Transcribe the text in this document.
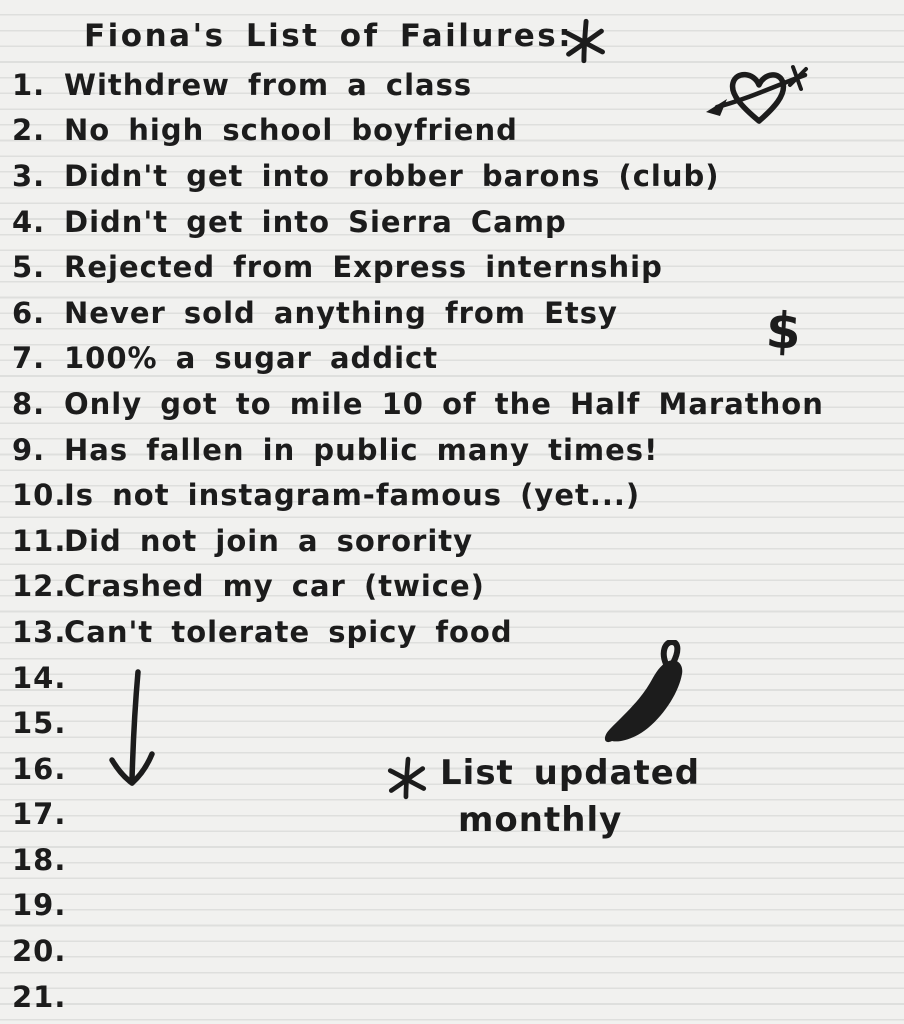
Fiona's List of Failures:
1. Withdrew from a class
2. No high school boyfriend
3. Didn't get into robber barons (club)
4. Didn't get into Sierra Camp
5. Rejected from Express internship
6. Never sold anything from Etsy
7. 100% a sugar addict
8. Only got to mile 10 of the Half Marathon
9. Has fallen in public many times!
10.
Is not instagram-famous (yet...)
11.
Did not join a sorority
12.
Crashed my car (twice)
13.
Can't tolerate spicy food
14.
15.
16.
17.
18.
19.
20.
21.
$
List updated
monthly
